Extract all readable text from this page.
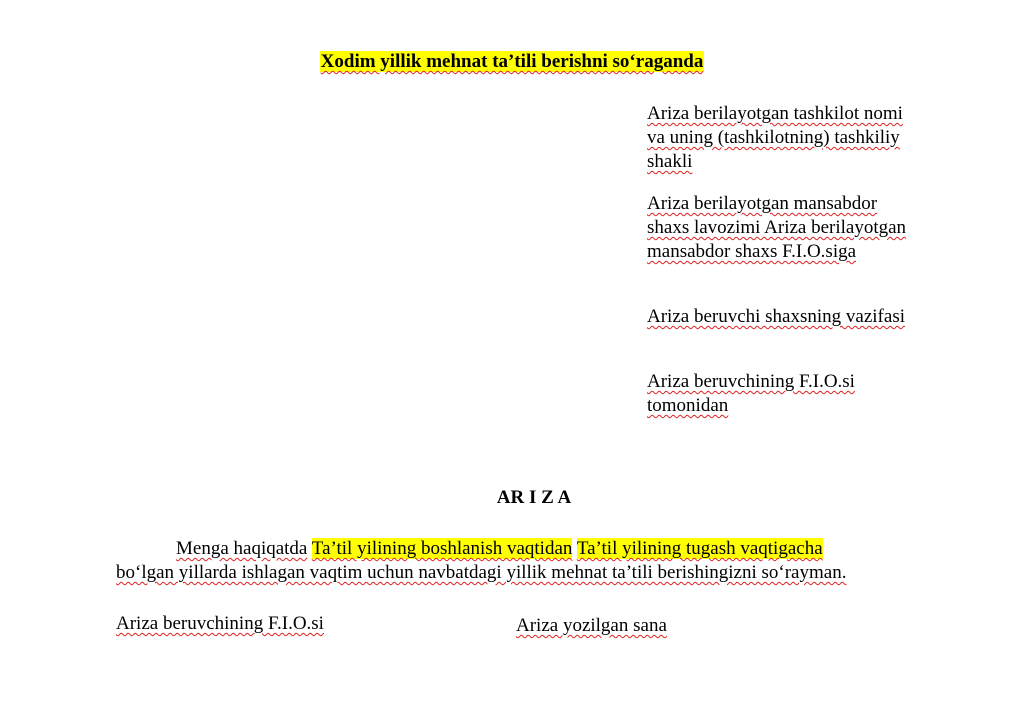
Xodim yillik mehnat ta’tili berishni so‘raganda
Ariza berilayotgan tashkilot nomi va uning (tashkilotning) tashkiliy shakli
Ariza berilayotgan mansabdor shaxs lavozimi Ariza berilayotgan mansabdor shaxs F.I.O.siga
Ariza beruvchi shaxsning vazifasi
Ariza beruvchining F.I.O.si tomonidan
AR I Z A
Menga haqiqatda Ta’til yilining boshlanish vaqtidan Ta’til yilining tugash vaqtigacha
bo‘lgan yillarda ishlagan vaqtim uchun navbatdagi yillik mehnat ta’tili berishingizni so‘rayman.
Ariza beruvchining F.I.O.si	Ariza yozilgan sana
